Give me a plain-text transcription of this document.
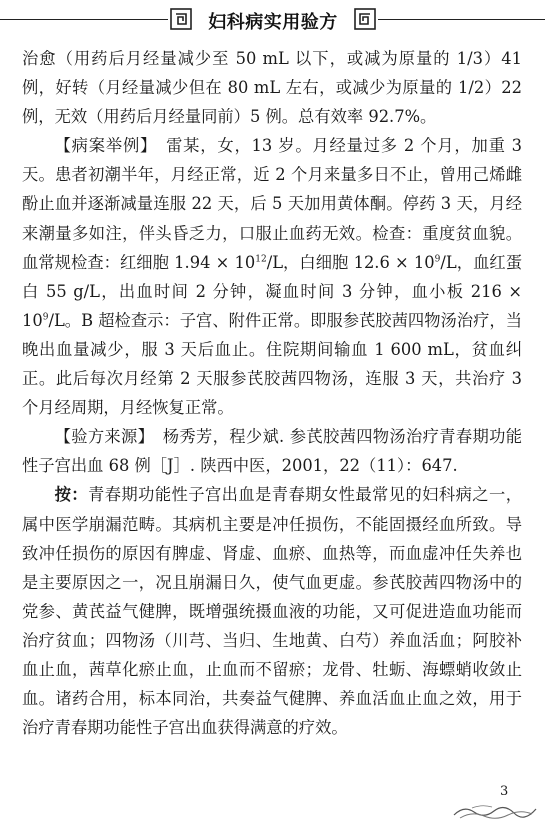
妇科病实用验方

治愈（用药后月经量减少至 50 mL 以下，或减为原量的 1/3）41 例，好转（月经量减少但在 80 mL 左右，或减少为原量的 1/2）22 例，无效（用药后月经量同前）5 例。总有效率 92.7%。

【病案举例】　雷某，女，13 岁。月经量过多 2 个月，加重 3 天。患者初潮半年，月经正常，近 2 个月来量多日不止，曾用己烯雌酚止血并逐渐减量连服 22 天，后 5 天加用黄体酮。停药 3 天，月经来潮量多如注，伴头昏乏力，口服止血药无效。检查：重度贫血貌。血常规检查：红细胞 $1.94 \times 10^{12}/L$，白细胞 $12.6 \times 10^9/L$，血红蛋白 55 g/L，出血时间 2 分钟，凝血时间 3 分钟，血小板 $216 \times 10^9/L$。B 超检查示：子宫、附件正常。即服参芪胶茜四物汤治疗，当晚出血量减少，服 3 天后血止。住院期间输血 1 600 mL，贫血纠正。此后每次月经第 2 天服参芪胶茜四物汤，连服 3 天，共治疗 3 个月经周期，月经恢复正常。

【验方来源】　杨秀芳，程少斌. 参芪胶茜四物汤治疗青春期功能性子宫出血 68 例［J］. 陕西中医，2001，22（11）：647.

按：青春期功能性子宫出血是青春期女性最常见的妇科病之一，属中医学崩漏范畴。其病机主要是冲任损伤，不能固摄经血所致。导致冲任损伤的原因有脾虚、肾虚、血瘀、血热等，而血虚冲任失养也是主要原因之一，况且崩漏日久，使气血更虚。参芪胶茜四物汤中的党参、黄芪益气健脾，既增强统摄血液的功能，又可促进造血功能而治疗贫血；四物汤（川芎、当归、生地黄、白芍）养血活血；阿胶补血止血，茜草化瘀止血，止血而不留瘀；龙骨、牡蛎、海螵蛸收敛止血。诸药合用，标本同治，共奏益气健脾、养血活血止血之效，用于治疗青春期功能性子宫出血获得满意的疗效。

3
